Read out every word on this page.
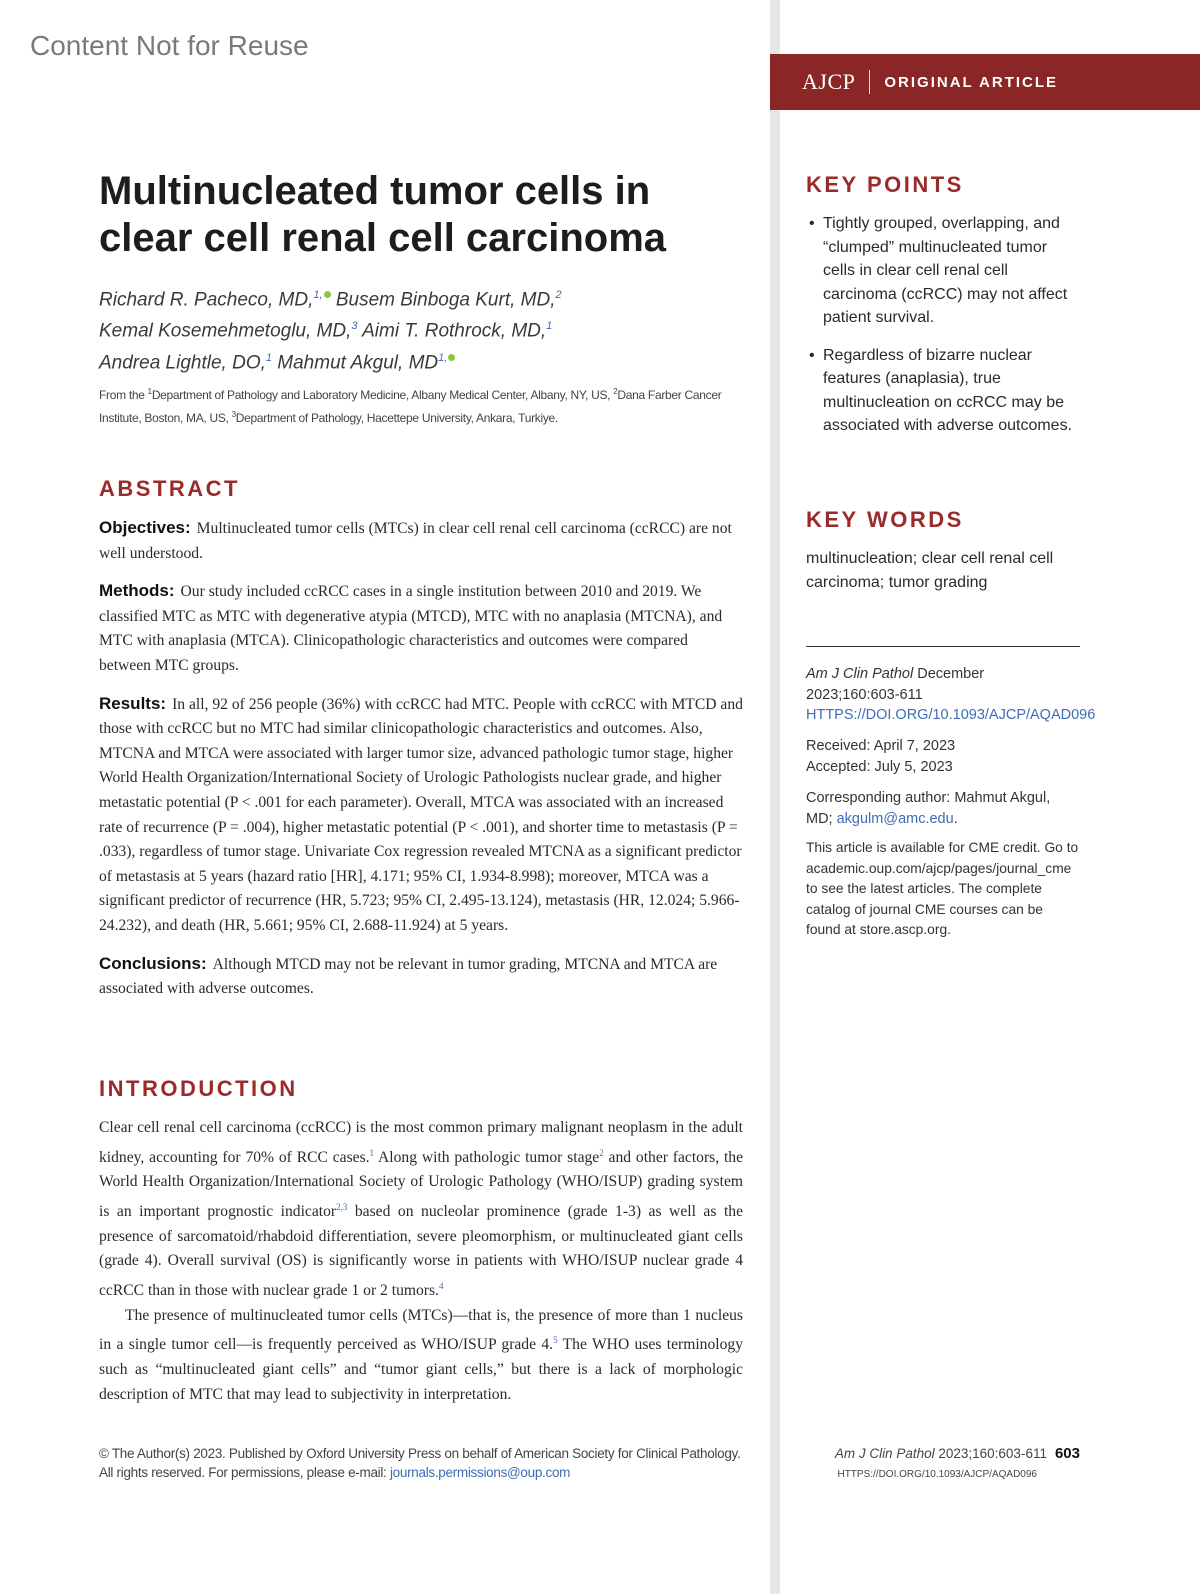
Content Not for Reuse
AJCP ORIGINAL ARTICLE
Multinucleated tumor cells in
clear cell renal cell carcinoma
Richard R. Pacheco, MD,$^{1,}$ Busem Binboga Kurt, MD,$^2$
Kemal Kosemehmetoglu, MD,$^3$ Aimi T. Rothrock, MD,$^1$
Andrea Lightle, DO,$^1$ Mahmut Akgul, $MD^{1,}$
From the $^1$Department of Pathology and Laboratory Medicine, Albany Medical Center, Albany, NY, US, $^2$Dana Farber Cancer Institute, Boston, MA, US, $^3$Department of Pathology, Hacettepe University, Ankara, Turkiye.
ABSTRACT

Objectives: Multinucleated tumor cells (MTCs) in clear cell renal cell carcinoma (ccRCC) are not well understood.

Methods: Our study included ccRCC cases in a single institution between 2010 and 2019. We classified MTC as MTC with degenerative atypia (MTCD), MTC with no anaplasia (MTCNA), and MTC with anaplasia (MTCA). Clinicopathologic characteristics and outcomes were compared between MTC groups.

Results: In all, 92 of 256 people (36%) with ccRCC had MTC. People with ccRCC with MTCD and those with ccRCC but no MTC had similar clinicopathologic characteristics and outcomes. Also, MTCNA and MTCA were associated with larger tumor size, advanced pathologic tumor stage, higher World Health Organization/International Society of Urologic Pathologists nuclear grade, and higher metastatic potential (P < .001 for each parameter). Overall, MTCA was associated with an increased rate of recurrence (P = .004), higher metastatic potential (P < .001), and shorter time to metastasis (P = .033), regardless of tumor stage. Univariate Cox regression revealed MTCNA as a significant predictor of metastasis at 5 years (hazard ratio [HR], 4.171; 95% CI, 1.934-8.998); moreover, MTCA was a significant predictor of recurrence (HR, 5.723; 95% CI, 2.495-13.124), metastasis (HR, 12.024; 5.966-24.232), and death (HR, 5.661; 95% CI, 2.688-11.924) at 5 years.

Conclusions: Although MTCD may not be relevant in tumor grading, MTCNA and MTCA are associated with adverse outcomes.

INTRODUCTION

Clear cell renal cell carcinoma (ccRCC) is the most common primary malignant neoplasm in the adult kidney, accounting for 70% of RCC cases.$^1$ Along with pathologic tumor stage$^2$ and other factors, the World Health Organization/International Society of Urologic Pathology (WHO/ISUP) grading system is an important prognostic indicator$^{2,3}$ based on nucleolar prominence (grade 1-3) as well as the presence of sarcomatoid/rhabdoid differentiation, severe pleomorphism, or multinucleated giant cells (grade 4). Overall survival (OS) is significantly worse in patients with WHO/ISUP nuclear grade 4 ccRCC than in those with nuclear grade 1 or 2 tumors.$^4$

The presence of multinucleated tumor cells (MTCs)—that is, the presence of more than 1 nucleus in a single tumor cell—is frequently perceived as WHO/ISUP grade 4.$^5$ The WHO uses terminology such as “multinucleated giant cells” and “tumor giant cells,” but there is a lack of morphologic description of MTC that may lead to subjectivity in interpretation.

© The Author(s) 2023. Published by Oxford University Press on behalf of American Society for Clinical Pathology.
All rights reserved. For permissions, please e-mail: journals.permissions@oup.com
Am J Clin Pathol 2023;160:603-611 603
HTTPS://DOI.ORG/10.1093/AJCP/AQAD096
KEY POINTS
• Tightly grouped, overlapping, and “clumped” multinucleated tumor cells in clear cell renal cell carcinoma (ccRCC) may not affect patient survival.
• Regardless of bizarre nuclear features (anaplasia), true multinucleation on ccRCC may be associated with adverse outcomes.
KEY WORDS
multinucleation; clear cell renal cell carcinoma; tumor grading
Am J Clin Pathol December
2023;160:603-611
HTTPS://DOI.ORG/10.1093/AJCP/AQAD096
Received: April 7, 2023
Accepted: July 5, 2023
Corresponding author: Mahmut Akgul, MD; akgulm@amc.edu.
This article is available for CME credit. Go to academic.oup.com/ajcp/pages/journal_cme to see the latest articles. The complete catalog of journal CME courses can be found at store.ascp.org.
